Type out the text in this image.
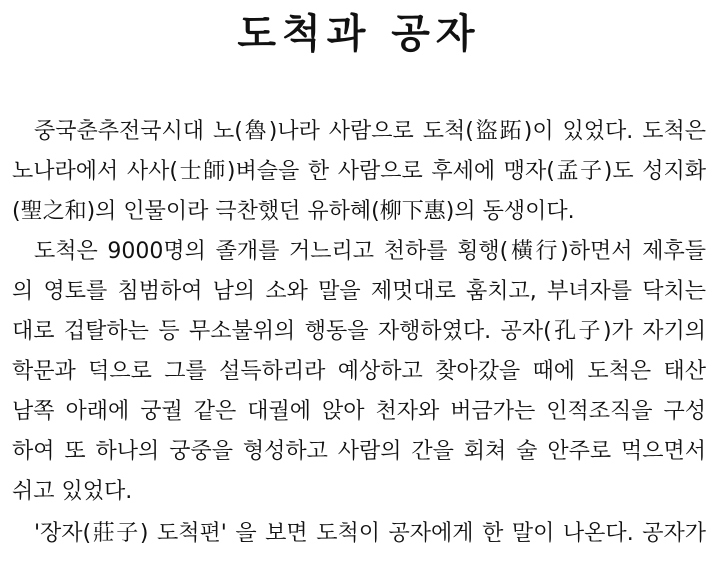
도척과 공자
중국춘추전국시대 노(魯)나라 사람으로 도척(盜跖)이 있었다. 도척은
노나라에서 사사(士師)벼슬을 한 사람으로 후세에 맹자(孟子)도 성지화
(聖之和)의 인물이라 극찬했던 유하혜(柳下惠)의 동생이다.
도척은 9000명의 졸개를 거느리고 천하를 횡행(橫行)하면서 제후들
의 영토를 침범하여 남의 소와 말을 제멋대로 훔치고, 부녀자를 닥치는
대로 겁탈하는 등 무소불위의 행동을 자행하였다. 공자(孔子)가 자기의
학문과 덕으로 그를 설득하리라 예상하고 찾아갔을 때에 도척은 태산
남쪽 아래에 궁궐 같은 대궐에 앉아 천자와 버금가는 인적조직을 구성
하여 또 하나의 궁중을 형성하고 사람의 간을 회쳐 술 안주로 먹으면서
쉬고 있었다.
'장자(莊子) 도척편' 을 보면 도척이 공자에게 한 말이 나온다. 공자가
